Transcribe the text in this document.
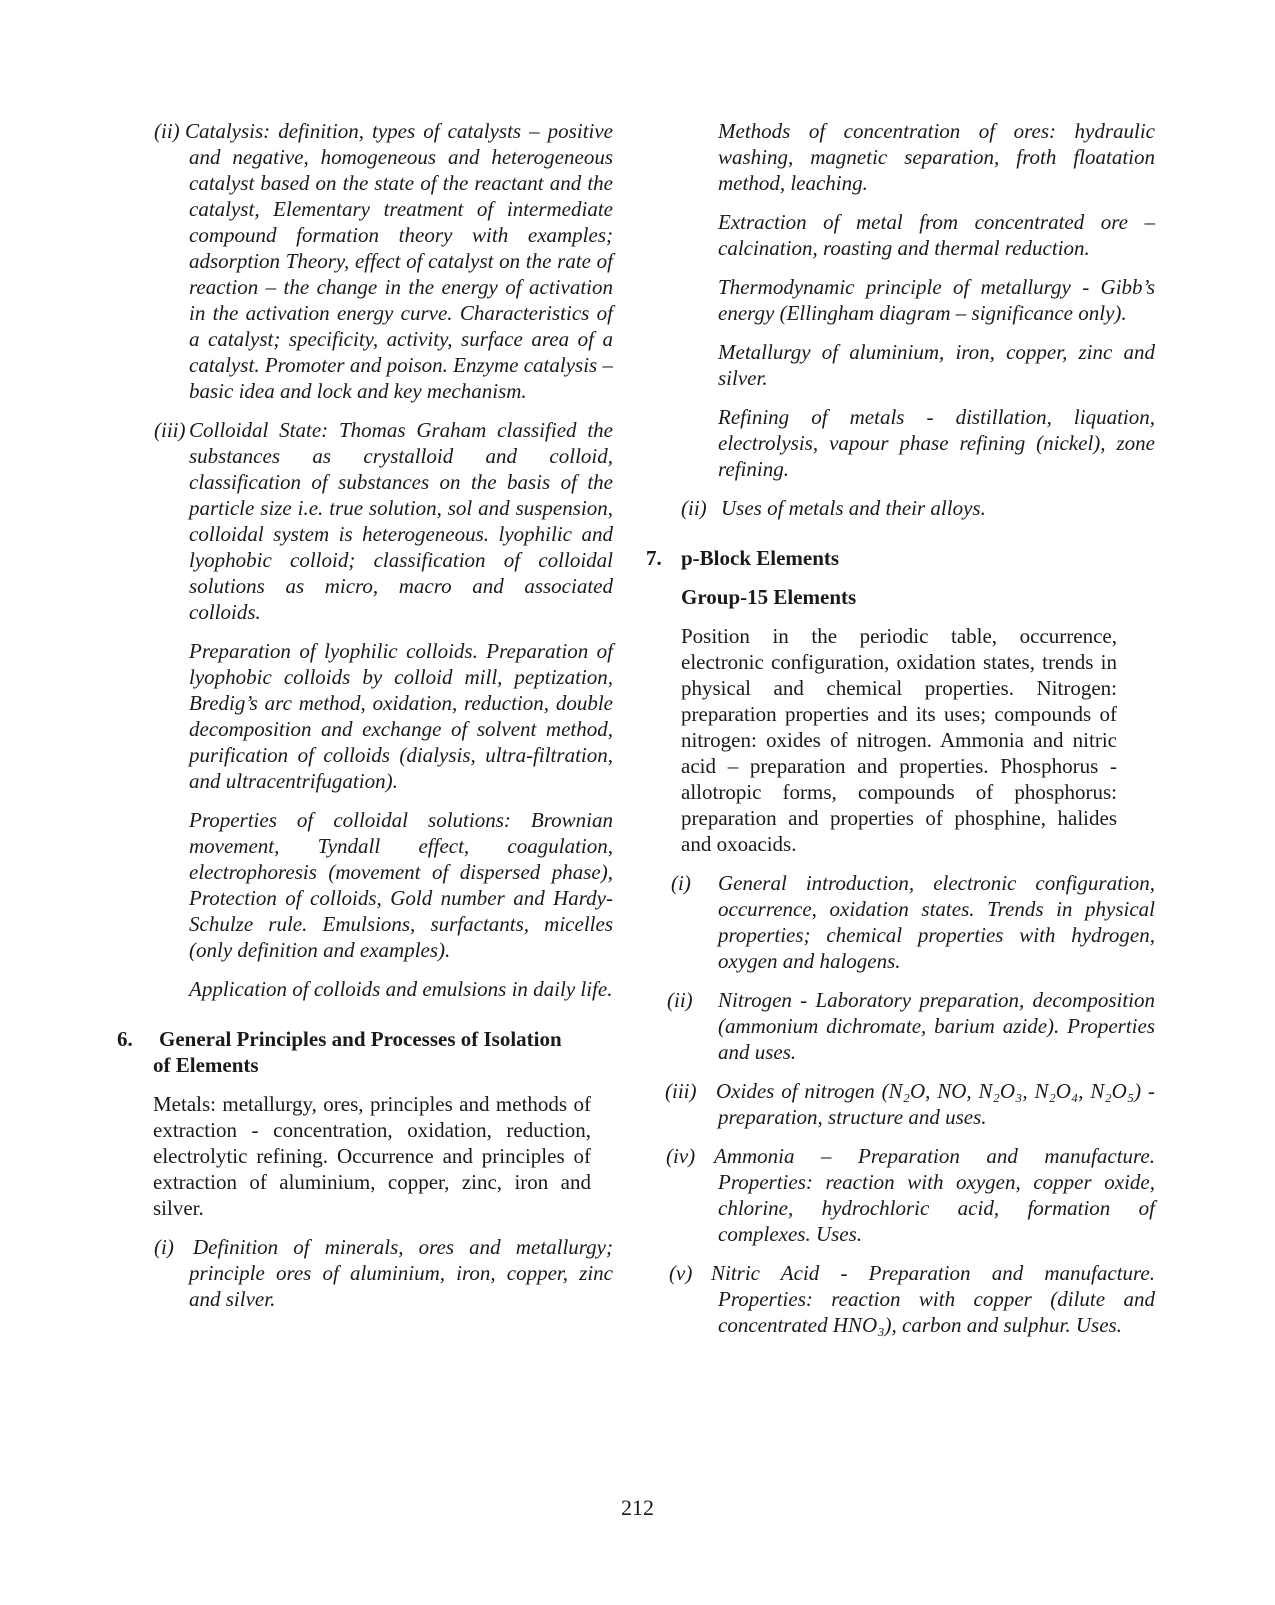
(ii) Catalysis: definition, types of catalysts – positive and negative, homogeneous and heterogeneous catalyst based on the state of the reactant and the catalyst, Elementary treatment of intermediate compound formation theory with examples; adsorption Theory, effect of catalyst on the rate of reaction – the change in the energy of activation in the activation energy curve. Characteristics of a catalyst; specificity, activity, surface area of a catalyst. Promoter and poison. Enzyme catalysis – basic idea and lock and key mechanism.
(iii) Colloidal State: Thomas Graham classified the substances as crystalloid and colloid, classification of substances on the basis of the particle size i.e. true solution, sol and suspension, colloidal system is heterogeneous. lyophilic and lyophobic colloid; classification of colloidal solutions as micro, macro and associated colloids.

Preparation of lyophilic colloids. Preparation of lyophobic colloids by colloid mill, peptization, Bredig’s arc method, oxidation, reduction, double decomposition and exchange of solvent method, purification of colloids (dialysis, ultra-filtration, and ultracentrifugation).

Properties of colloidal solutions: Brownian movement, Tyndall effect, coagulation, electrophoresis (movement of dispersed phase), Protection of colloids, Gold number and Hardy- Schulze rule. Emulsions, surfactants, micelles (only definition and examples).

Application of colloids and emulsions in daily life.

6. General Principles and Processes of Isolation
of Elements

Metals: metallurgy, ores, principles and methods of extraction - concentration, oxidation, reduction, electrolytic refining. Occurrence and principles of extraction of aluminium, copper, zinc, iron and silver.

(i) Definition of minerals, ores and metallurgy; principle ores of aluminium, iron, copper, zinc and silver.

Methods of concentration of ores: hydraulic washing, magnetic separation, froth floatation method, leaching.

Extraction of metal from concentrated ore – calcination, roasting and thermal reduction.

Thermodynamic principle of metallurgy - Gibb’s energy (Ellingham diagram – significance only).

Metallurgy of aluminium, iron, copper, zinc and silver.

Refining of metals - distillation, liquation, electrolysis, vapour phase refining (nickel), zone refining.

(ii) Uses of metals and their alloys.
7. p-Block Elements
Group-15 Elements

Position in the periodic table, occurrence, electronic configuration, oxidation states, trends in physical and chemical properties. Nitrogen: preparation properties and its uses; compounds of nitrogen: oxides of nitrogen. Ammonia and nitric acid – preparation and properties. Phosphorus - allotropic forms, compounds of phosphorus: preparation and properties of phosphine, halides and oxoacids.

(i) General introduction, electronic configuration, occurrence, oxidation states. Trends in physical properties; chemical properties with hydrogen, oxygen and halogens.
(ii) Nitrogen - Laboratory preparation, decomposition (ammonium dichromate, barium azide). Properties and uses.
(iii) Oxides of nitrogen (N₂O, NO, N₂O₃, N₂O₄, N₂O₅) - preparation, structure and uses.
(iv) Ammonia – Preparation and manufacture. Properties: reaction with oxygen, copper oxide, chlorine, hydrochloric acid, formation of complexes. Uses.
(v) Nitric Acid - Preparation and manufacture. Properties: reaction with copper (dilute and concentrated HNO₃), carbon and sulphur. Uses.
212
